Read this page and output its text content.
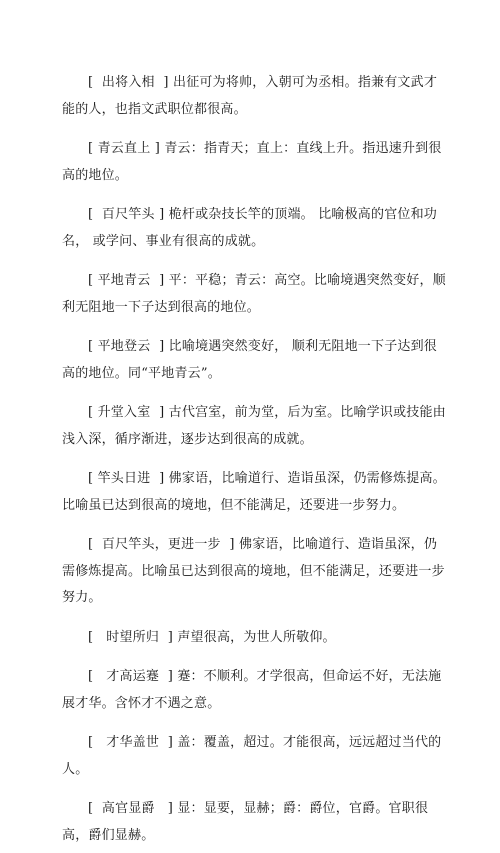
[  出将入相  ] 出征可为将帅，入朝可为丞相。指兼有文武才能的人，也指文武职位都很高。

[ 青云直上 ] 青云：指青天；直上：直线上升。指迅速升到很高的地位。

[  百尺竿头 ] 桅杆或杂技长竿的顶端。 比喻极高的官位和功名， 或学问、事业有很高的成就。

[ 平地青云  ] 平：平稳；青云：高空。比喻境遇突然变好，顺利无阻地一下子达到很高的地位。

[ 平地登云  ] 比喻境遇突然变好， 顺利无阻地一下子达到很高的地位。同“平地青云”。

[ 升堂入室  ] 古代宫室，前为堂，后为室。比喻学识或技能由浅入深，循序渐进，逐步达到很高的成就。

[ 竿头日进  ] 佛家语，比喻道行、造诣虽深，仍需修炼提高。比喻虽已达到很高的境地，但不能满足，还要进一步努力。

[  百尺竿头，更进一步  ] 佛家语，比喻道行、造诣虽深，仍需修炼提高。比喻虽已达到很高的境地，但不能满足，还要进一步努力。

[   时望所归  ] 声望很高，为世人所敬仰。

[   才高运蹇  ] 蹇：不顺利。才学很高，但命运不好，无法施展才华。含怀才不遇之意。

[   才华盖世  ] 盖：覆盖，超过。才能很高，远远超过当代的人。

[  高官显爵   ] 显：显要，显赫；爵：爵位，官爵。官职很高，爵们显赫。
